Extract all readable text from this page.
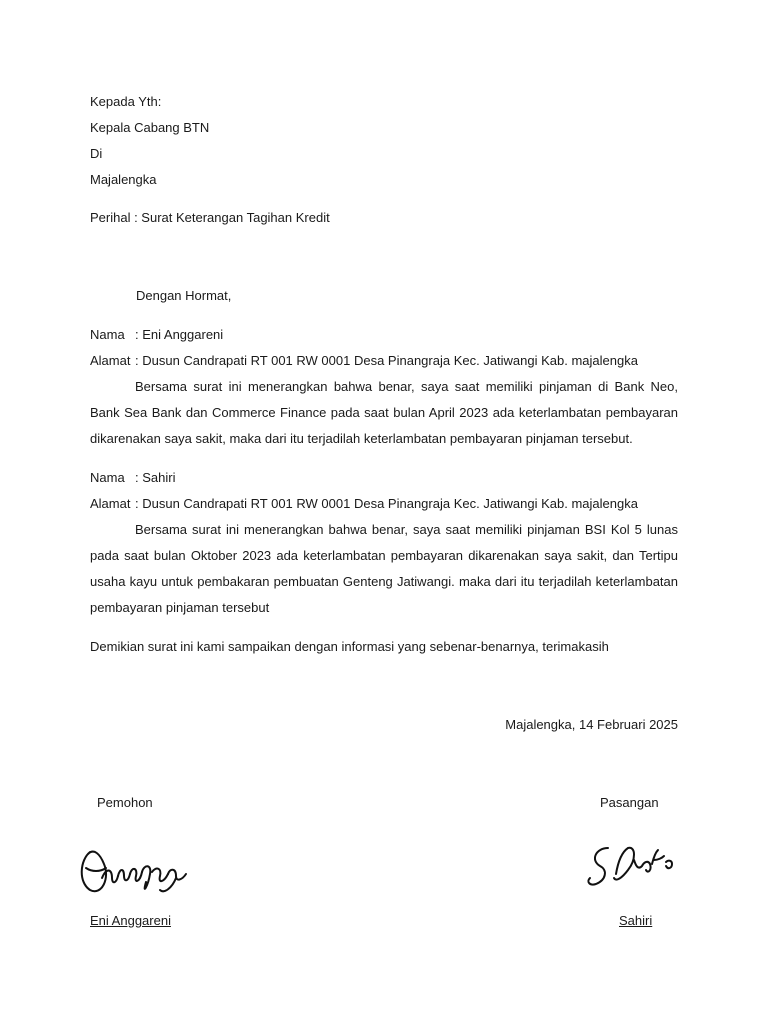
Kepada Yth:
Kepala Cabang BTN
Di
Majalengka
Perihal : Surat Keterangan Tagihan Kredit
Dengan Hormat,
Nama : Eni Anggareni
Alamat : Dusun Candrapati RT 001 RW 0001 Desa Pinangraja Kec. Jatiwangi Kab. majalengka
Bersama surat ini menerangkan bahwa benar, saya saat memiliki pinjaman di Bank Neo, Bank Sea Bank dan Commerce Finance pada saat bulan April 2023 ada keterlambatan pembayaran dikarenakan saya sakit, maka dari itu terjadilah keterlambatan pembayaran pinjaman tersebut.
Nama : Sahiri
Alamat : Dusun Candrapati RT 001 RW 0001 Desa Pinangraja Kec. Jatiwangi Kab. majalengka
Bersama surat ini menerangkan bahwa benar, saya saat memiliki pinjaman BSI Kol 5 lunas pada saat bulan Oktober 2023 ada keterlambatan pembayaran dikarenakan saya sakit, dan Tertipu usaha kayu untuk pembakaran pembuatan Genteng Jatiwangi. maka dari itu terjadilah keterlambatan pembayaran pinjaman tersebut
Demikian surat ini kami sampaikan dengan informasi yang sebenar-benarnya, terimakasih
Majalengka, 14 Februari 2025
Pemohon	Pasangan
Eni Anggareni	Sahiri
